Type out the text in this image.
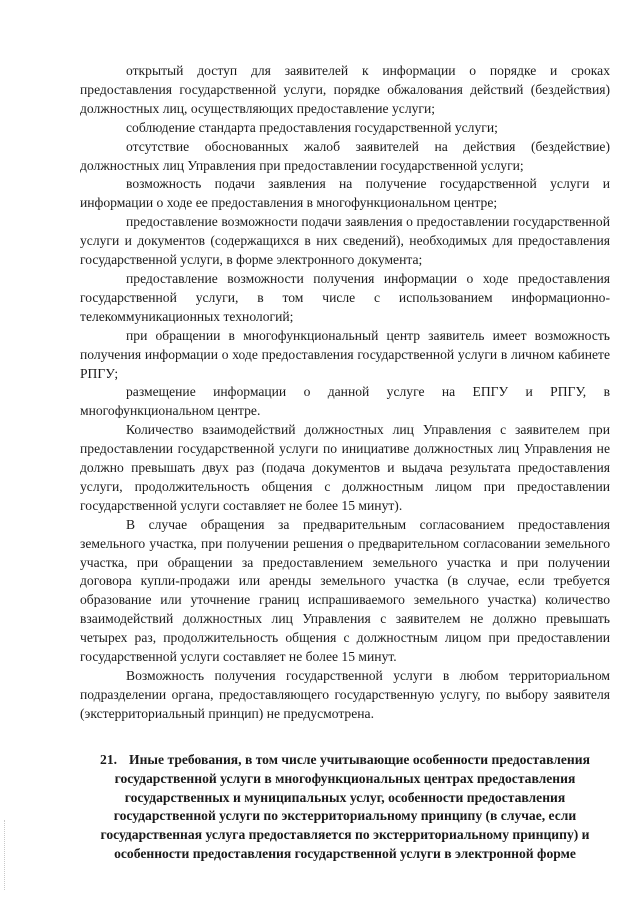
открытый доступ для заявителей к информации о порядке и сроках предоставления государственной услуги, порядке обжалования действий (бездействия) должностных лиц, осуществляющих предоставление услуги;

соблюдение стандарта предоставления государственной услуги;

отсутствие обоснованных жалоб заявителей на действия (бездействие) должностных лиц Управления при предоставлении государственной услуги;

возможность подачи заявления на получение государственной услуги и информации о ходе ее предоставления в многофункциональном центре;

предоставление возможности подачи заявления о предоставлении государственной услуги и документов (содержащихся в них сведений), необходимых для предоставления государственной услуги, в форме электронного документа;

предоставление возможности получения информации о ходе предоставления государственной услуги, в том числе с использованием информационно-телекоммуникационных технологий;

при обращении в многофункциональный центр заявитель имеет возможность получения информации о ходе предоставления государственной услуги в личном кабинете РПГУ;

размещение информации о данной услуге на ЕПГУ и РПГУ, в многофункциональном центре.

Количество взаимодействий должностных лиц Управления с заявителем при предоставлении государственной услуги по инициативе должностных лиц Управления не должно превышать двух раз (подача документов и выдача результата предоставления услуги, продолжительность общения с должностным лицом при предоставлении государственной услуги составляет не более 15 минут).

В случае обращения за предварительным согласованием предоставления земельного участка, при получении решения о предварительном согласовании земельного участка, при обращении за предоставлением земельного участка и при получении договора купли-продажи или аренды земельного участка (в случае, если требуется образование или уточнение границ испрашиваемого земельного участка) количество взаимодействий должностных лиц Управления с заявителем не должно превышать четырех раз, продолжительность общения с должностным лицом при предоставлении государственной услуги составляет не более 15 минут.

Возможность получения государственной услуги в любом территориальном подразделении органа, предоставляющего государственную услугу, по выбору заявителя (экстерриториальный принцип) не предусмотрена.

21. Иные требования, в том числе учитывающие особенности предоставления государственной услуги в многофункциональных центрах предоставления государственных и муниципальных услуг, особенности предоставления государственной услуги по экстерриториальному принципу (в случае, если государственная услуга предоставляется по экстерриториальному принципу) и особенности предоставления государственной услуги в электронной форме
